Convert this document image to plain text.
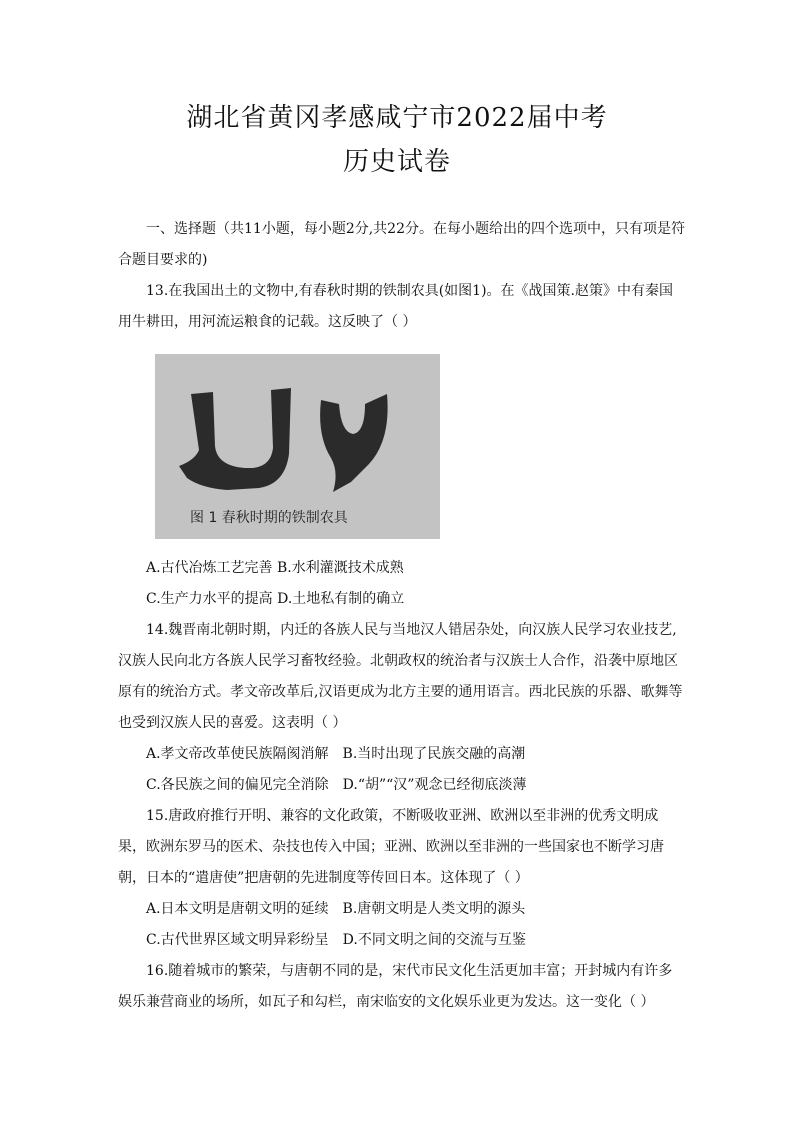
湖北省黄冈孝感咸宁市2022届中考
历史试卷

一、选择题（共11小题，每小题2分,共22分。在每小题给出的四个选项中，只有项是符合题目要求的)

13.在我国出土的文物中,有春秋时期的铁制农具(如图1)。在《战国策.赵策》中有秦国用牛耕田，用河流运粮食的记载。这反映了（ ）

图 1 春秋时期的铁制农具

A.古代冶炼工艺完善 B.水利灌溉技术成熟

C.生产力水平的提高 D.土地私有制的确立

14.魏晋南北朝时期，内迁的各族人民与当地汉人错居杂处，向汉族人民学习农业技艺,汉族人民向北方各族人民学习畜牧经验。北朝政权的统治者与汉族士人合作，沿袭中原地区原有的统治方式。孝文帝改革后,汉语更成为北方主要的通用语言。西北民族的乐器、歌舞等也受到汉族人民的喜爱。这表明（ ）

A.孝文帝改革使民族隔阂消解　B.当时出现了民族交融的高潮

C.各民族之间的偏见完全消除　D.“胡”“汉”观念已经彻底淡薄

15.唐政府推行开明、兼容的文化政策，不断吸收亚洲、欧洲以至非洲的优秀文明成果，欧洲东罗马的医术、杂技也传入中国；亚洲、欧洲以至非洲的一些国家也不断学习唐朝，日本的“遣唐使”把唐朝的先进制度等传回日本。这体现了（ ）

A.日本文明是唐朝文明的延续　B.唐朝文明是人类文明的源头

C.古代世界区域文明异彩纷呈　D.不同文明之间的交流与互鉴

16.随着城市的繁荣，与唐朝不同的是，宋代市民文化生活更加丰富；开封城内有许多娱乐兼营商业的场所，如瓦子和勾栏，南宋临安的文化娱乐业更为发达。这一变化（ ）
